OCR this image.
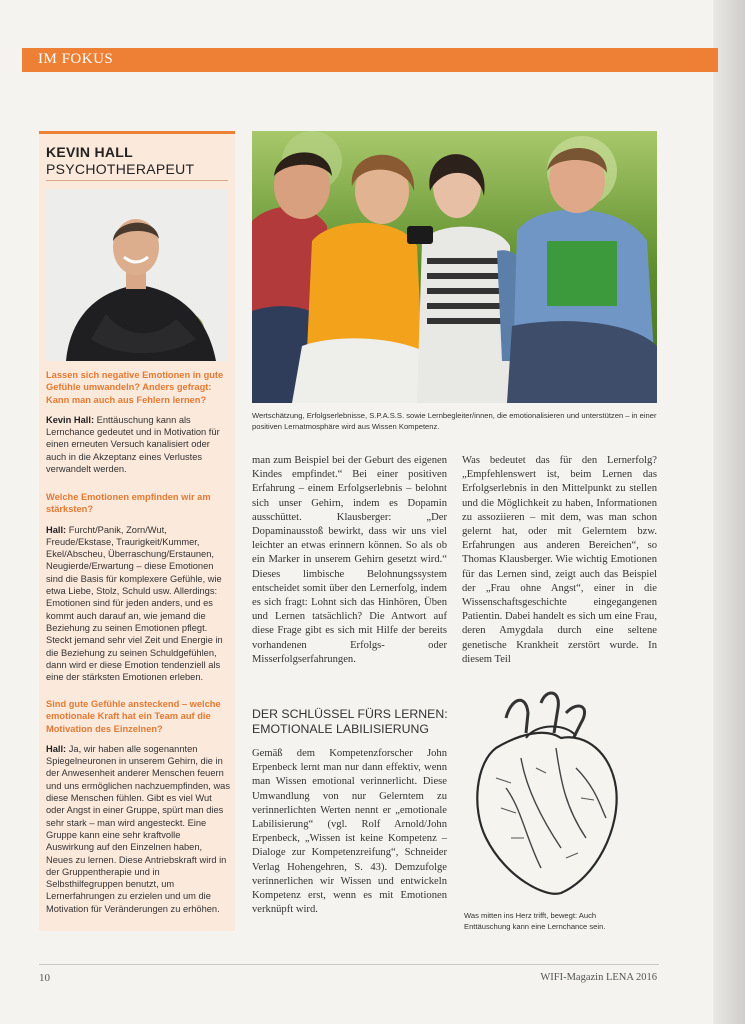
IM FOKUS
KEVIN HALL
PSYCHOTHERAPEUT
Lassen sich negative Emotionen in gute Gefühle umwandeln? Anders gefragt: Kann man auch aus Fehlern lernen?
Kevin Hall: Enttäuschung kann als Lernchance gedeutet und in Motivation für einen erneuten Versuch kanalisiert oder auch in die Akzeptanz eines Verlustes verwandelt werden.
Welche Emotionen empfinden wir am stärksten?
Hall: Furcht/Panik, Zorn/Wut, Freude/Ekstase, Traurigkeit/Kummer, Ekel/Abscheu, Überraschung/Erstaunen, Neugierde/Erwartung – diese Emotionen sind die Basis für komplexere Gefühle, wie etwa Liebe, Stolz, Schuld usw. Allerdings: Emotionen sind für jeden anders, und es kommt auch darauf an, wie jemand die Beziehung zu seinen Emotionen pflegt. Steckt jemand sehr viel Zeit und Energie in die Beziehung zu seinen Schuldgefühlen, dann wird er diese Emotion tendenziell als eine der stärksten Emotionen erleben.
Sind gute Gefühle ansteckend – welche emotionale Kraft hat ein Team auf die Motivation des Einzelnen?
Hall: Ja, wir haben alle sogenannten Spiegelneuronen in unserem Gehirn, die in der Anwesenheit anderer Menschen feuern und uns ermöglichen nachzuempfinden, was diese Menschen fühlen. Gibt es viel Wut oder Angst in einer Gruppe, spürt man dies sehr stark – man wird angesteckt. Eine Gruppe kann eine sehr kraftvolle Auswirkung auf den Einzelnen haben, Neues zu lernen. Diese Antriebskraft wird in der Gruppentherapie und in Selbsthilfegruppen benutzt, um Lernerfahrungen zu erzielen und um die Motivation für Veränderungen zu erhöhen.
Wertschätzung, Erfolgserlebnisse, S.P.A.S.S. sowie Lernbegleiter/innen, die emotionalisieren und unterstützen – in einer positiven Lernatmosphäre wird aus Wissen Kompetenz.

man zum Beispiel bei der Geburt des eigenen Kindes empfindet.“ Bei einer positiven Erfahrung – einem Erfolgserlebnis – belohnt sich unser Gehirn, indem es Dopamin ausschüttet. Klausberger: „Der Dopaminausstoß bewirkt, dass wir uns viel leichter an etwas erinnern können. So als ob ein Marker in unserem Gehirn gesetzt wird.“ Dieses limbische Belohnungssystem entscheidet somit über den Lernerfolg, indem es sich fragt: Lohnt sich das Hinhören, Üben und Lernen tatsächlich? Die Antwort auf diese Frage gibt es sich mit Hilfe der bereits vorhandenen Erfolgs- oder Misserfolgserfahrungen.

DER SCHLÜSSEL FÜRS LERNEN: EMOTIONALE LABILISIERUNG

Gemäß dem Kompetenzforscher John Erpenbeck lernt man nur dann effektiv, wenn man Wissen emotional verinnerlicht. Diese Umwandlung von nur Gelerntem zu verinnerlichten Werten nennt er „emotionale Labilisierung“ (vgl. Rolf Arnold/John Erpenbeck, „Wissen ist keine Kompetenz – Dialoge zur Kompetenzreifung“, Schneider Verlag Hohengehren, S. 43). Demzufolge verinnerlichen wir Wissen und entwickeln Kompetenz erst, wenn es mit Emotionen verknüpft wird.

Was bedeutet das für den Lernerfolg? „Empfehlenswert ist, beim Lernen das Erfolgserlebnis in den Mittelpunkt zu stellen und die Möglichkeit zu haben, Informationen zu assoziieren – mit dem, was man schon gelernt hat, oder mit Gelerntem bzw. Erfahrungen aus anderen Bereichen“, so Thomas Klausberger. Wie wichtig Emotionen für das Lernen sind, zeigt auch das Beispiel der „Frau ohne Angst“, einer in die Wissenschaftsgeschichte eingegangenen Patientin. Dabei handelt es sich um eine Frau, deren Amygdala durch eine seltene genetische Krankheit zerstört wurde. In diesem Teil

Was mitten ins Herz trifft, bewegt: Auch Enttäuschung kann eine Lernchance sein.
10	WIFI-Magazin LENA 2016
